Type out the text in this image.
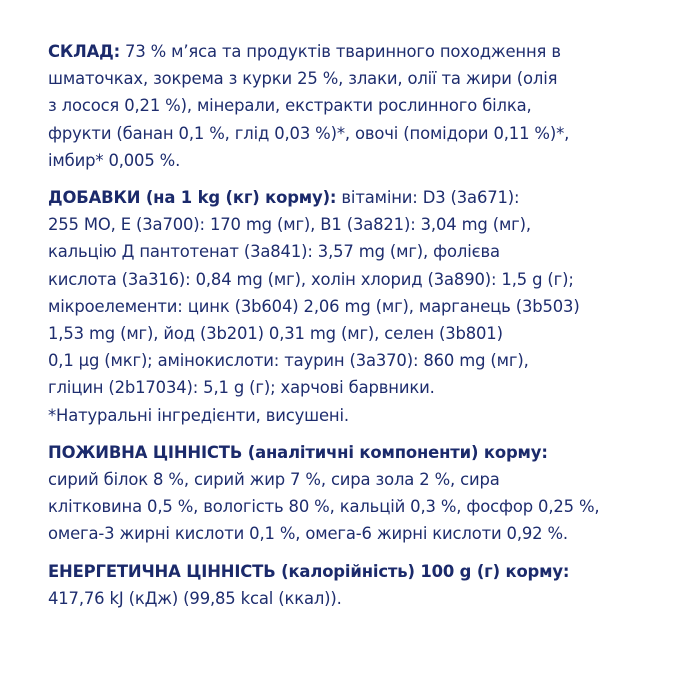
СКЛАД: 73 % м’яса та продуктів тваринного походження в
шматочках, зокрема з курки 25 %, злаки, олії та жири (олія
з лосося 0,21 %), мінерали, екстракти рослинного білка,
фрукти (банан 0,1 %, глід 0,03 %)*, овочі (помідори 0,11 %)*,
імбир* 0,005 %.
ДОБАВКИ (на 1 kg (кг) корму): вітаміни: D3 (3а671):
255 МО, Е (3а700): 170 mg (мг), В1 (3а821): 3,04 mg (мг),
кальцію Д пантотенат (3а841): 3,57 mg (мг), фолієва
кислота (3а316): 0,84 mg (мг), холін хлорид (3а890): 1,5 g (г);
мікроелементи: цинк (3b604) 2,06 mg (мг), марганець (3b503)
1,53 mg (мг), йод (3b201) 0,31 mg (мг), селен (3b801)
0,1 µg (мкг); амінокислоти: таурин (3а370): 860 mg (мг),
гліцин (2b17034): 5,1 g (г); харчові барвники.
*Натуральні інгредієнти, висушені.
ПОЖИВНА ЦІННІСТЬ (аналітичні компоненти) корму:
сирий білок 8 %, сирий жир 7 %, сира зола 2 %, сира
клітковина 0,5 %, вологість 80 %, кальцій 0,3 %, фосфор 0,25 %,
омега-3 жирні кислоти 0,1 %, омега-6 жирні кислоти 0,92 %.
ЕНЕРГЕТИЧНА ЦІННІСТЬ (калорійність) 100 g (г) корму:
417,76 kJ (кДж) (99,85 kcal (ккал)).
